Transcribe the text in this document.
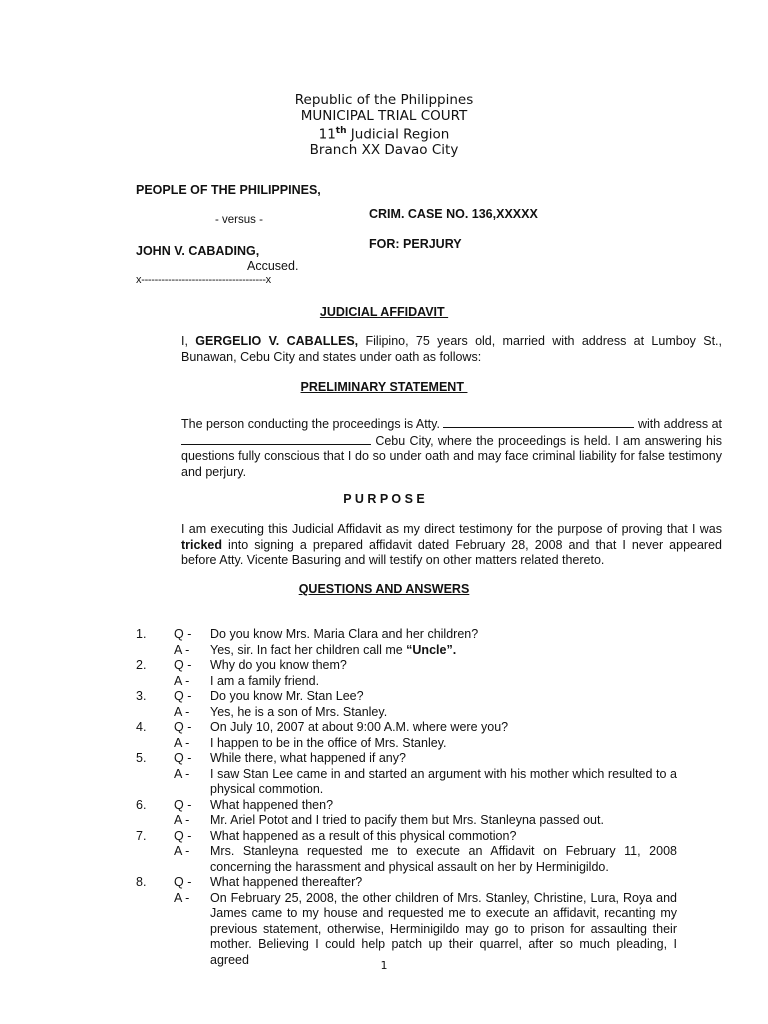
Republic of the Philippines
MUNICIPAL TRIAL COURT
11th Judicial Region
Branch XX Davao City
PEOPLE OF THE PHILIPPINES,
- versus -	CRIM. CASE NO. 136,XXXXX
FOR: PERJURY
JOHN V. CABADING,
Accused.
x-------------------------------------x
JUDICIAL AFFIDAVIT
I, GERGELIO V. CABALLES, Filipino, 75 years old, married with address at Lumboy St., Bunawan, Cebu City and states under oath as follows:
PRELIMINARY STATEMENT
The person conducting the proceedings is Atty.	with address at  Cebu City, where the proceedings is held. I am answering his questions fully conscious that I do so under oath and may face criminal liability for false testimony and perjury.
P U R P O S E
I am executing this Judicial Affidavit as my direct testimony for the purpose of proving that I was tricked into signing a prepared affidavit dated February 28, 2008 and that I never appeared before Atty. Vicente Basuring and will testify on other matters related thereto.
QUESTIONS AND ANSWERS
1.	Q -	Do you know Mrs. Maria Clara and her children?
A -	Yes, sir. In fact her children call me “Uncle”.
2.	Q -	Why do you know them?
A -	I am a family friend.
3.	Q -	Do you know Mr. Stan Lee?
A -	Yes, he is a son of Mrs. Stanley.
4.	Q -	On July 10, 2007 at about 9:00 A.M. where were you?
A -	I happen to be in the office of Mrs. Stanley.
5.	Q -	While there, what happened if any?
A -	I saw Stan Lee came in and started an argument with his mother which resulted to a physical commotion.
6.	Q -	What happened then?
A -	Mr. Ariel Potot and I tried to pacify them but Mrs. Stanleyna passed out.
7.	Q -	What happened as a result of this physical commotion?
A -	Mrs. Stanleyna requested me to execute an Affidavit on February 11, 2008 concerning the harassment and physical assault on her by Herminigildo.
8.	Q -	What happened thereafter?
A -	On February 25, 2008, the other children of Mrs. Stanley, Christine, Lura, Roya and James came to my house and requested me to execute an affidavit, recanting my previous statement, otherwise, Herminigildo may go to prison for assaulting their mother. Believing I could help patch up their quarrel, after so much pleading, I agreed	1
